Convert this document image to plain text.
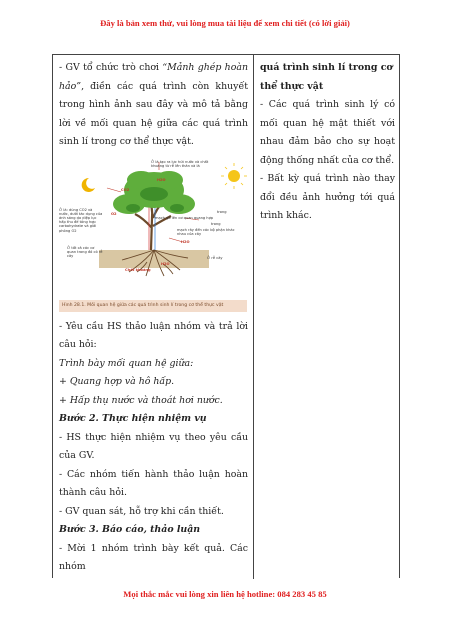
Đây là bản xem thử, vui lòng mua tài liệu để xem chi tiết (có lời giải)

- GV tổ chức trò chơi “Mảnh ghép hoàn hảo”, điền các quá trình còn khuyết trong hình ảnh sau đây và mô tả bằng lời về mối quan hệ giữa các quá trình sinh lí trong cơ thể thực vật.

Ở lá tạo ra lực hút nước và chất khoáng từ rễ lên thân và lá
H2O
CO2
Ở lá: dùng CO2 và nước, dưới tác dụng của ánh sáng do diệp lục hấp thu để tổng hợp carbohydrate và giải phóng O2
O2	trong
mạch gỗ lên cơ quan quang hợp
trong
mạch rây đến các bộ phận khác nhau của cây
H2O
Ở tất cả các cơ quan trong đó có rễ cây	Ở rễ cây
Chất khoáng
H2O
Hình 28.1. Mối quan hệ giữa các quá trình sinh lí trong cơ thể thực vật

- Yêu cầu HS thảo luận nhóm và trả lời câu hỏi:

Trình bày mối quan hệ giữa:

+ Quang hợp và hô hấp.

+ Hấp thụ nước và thoát hơi nước.

Bước 2. Thực hiện nhiệm vụ

- HS thực hiện nhiệm vụ theo yêu cầu của GV.

- Các nhóm tiến hành thảo luận hoàn thành câu hỏi.

- GV quan sát, hỗ trợ khi cần thiết.

Bước 3. Báo cáo, thảo luận

- Mời 1 nhóm trình bày kết quả. Các nhóm

quá trình sinh lí trong cơ thể thực vật

- Các quá trình sinh lý có mối quan hệ mật thiết với nhau đảm bảo cho sự hoạt động thống nhất của cơ thể.

- Bất kỳ quá trình nào thay đổi đều ảnh hưởng tới quá trình khác.

Mọi thắc mắc vui lòng xin liên hệ hotline: 084 283 45 85
